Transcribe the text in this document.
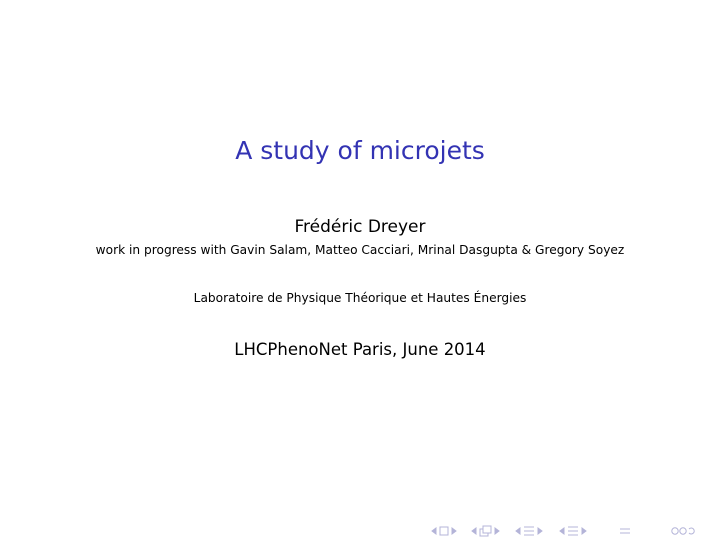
A study of microjets
Frédéric Dreyer
work in progress with Gavin Salam, Matteo Cacciari, Mrinal Dasgupta & Gregory Soyez
Laboratoire de Physique Théorique et Hautes Énergies
LHCPhenoNet Paris, June 2014
